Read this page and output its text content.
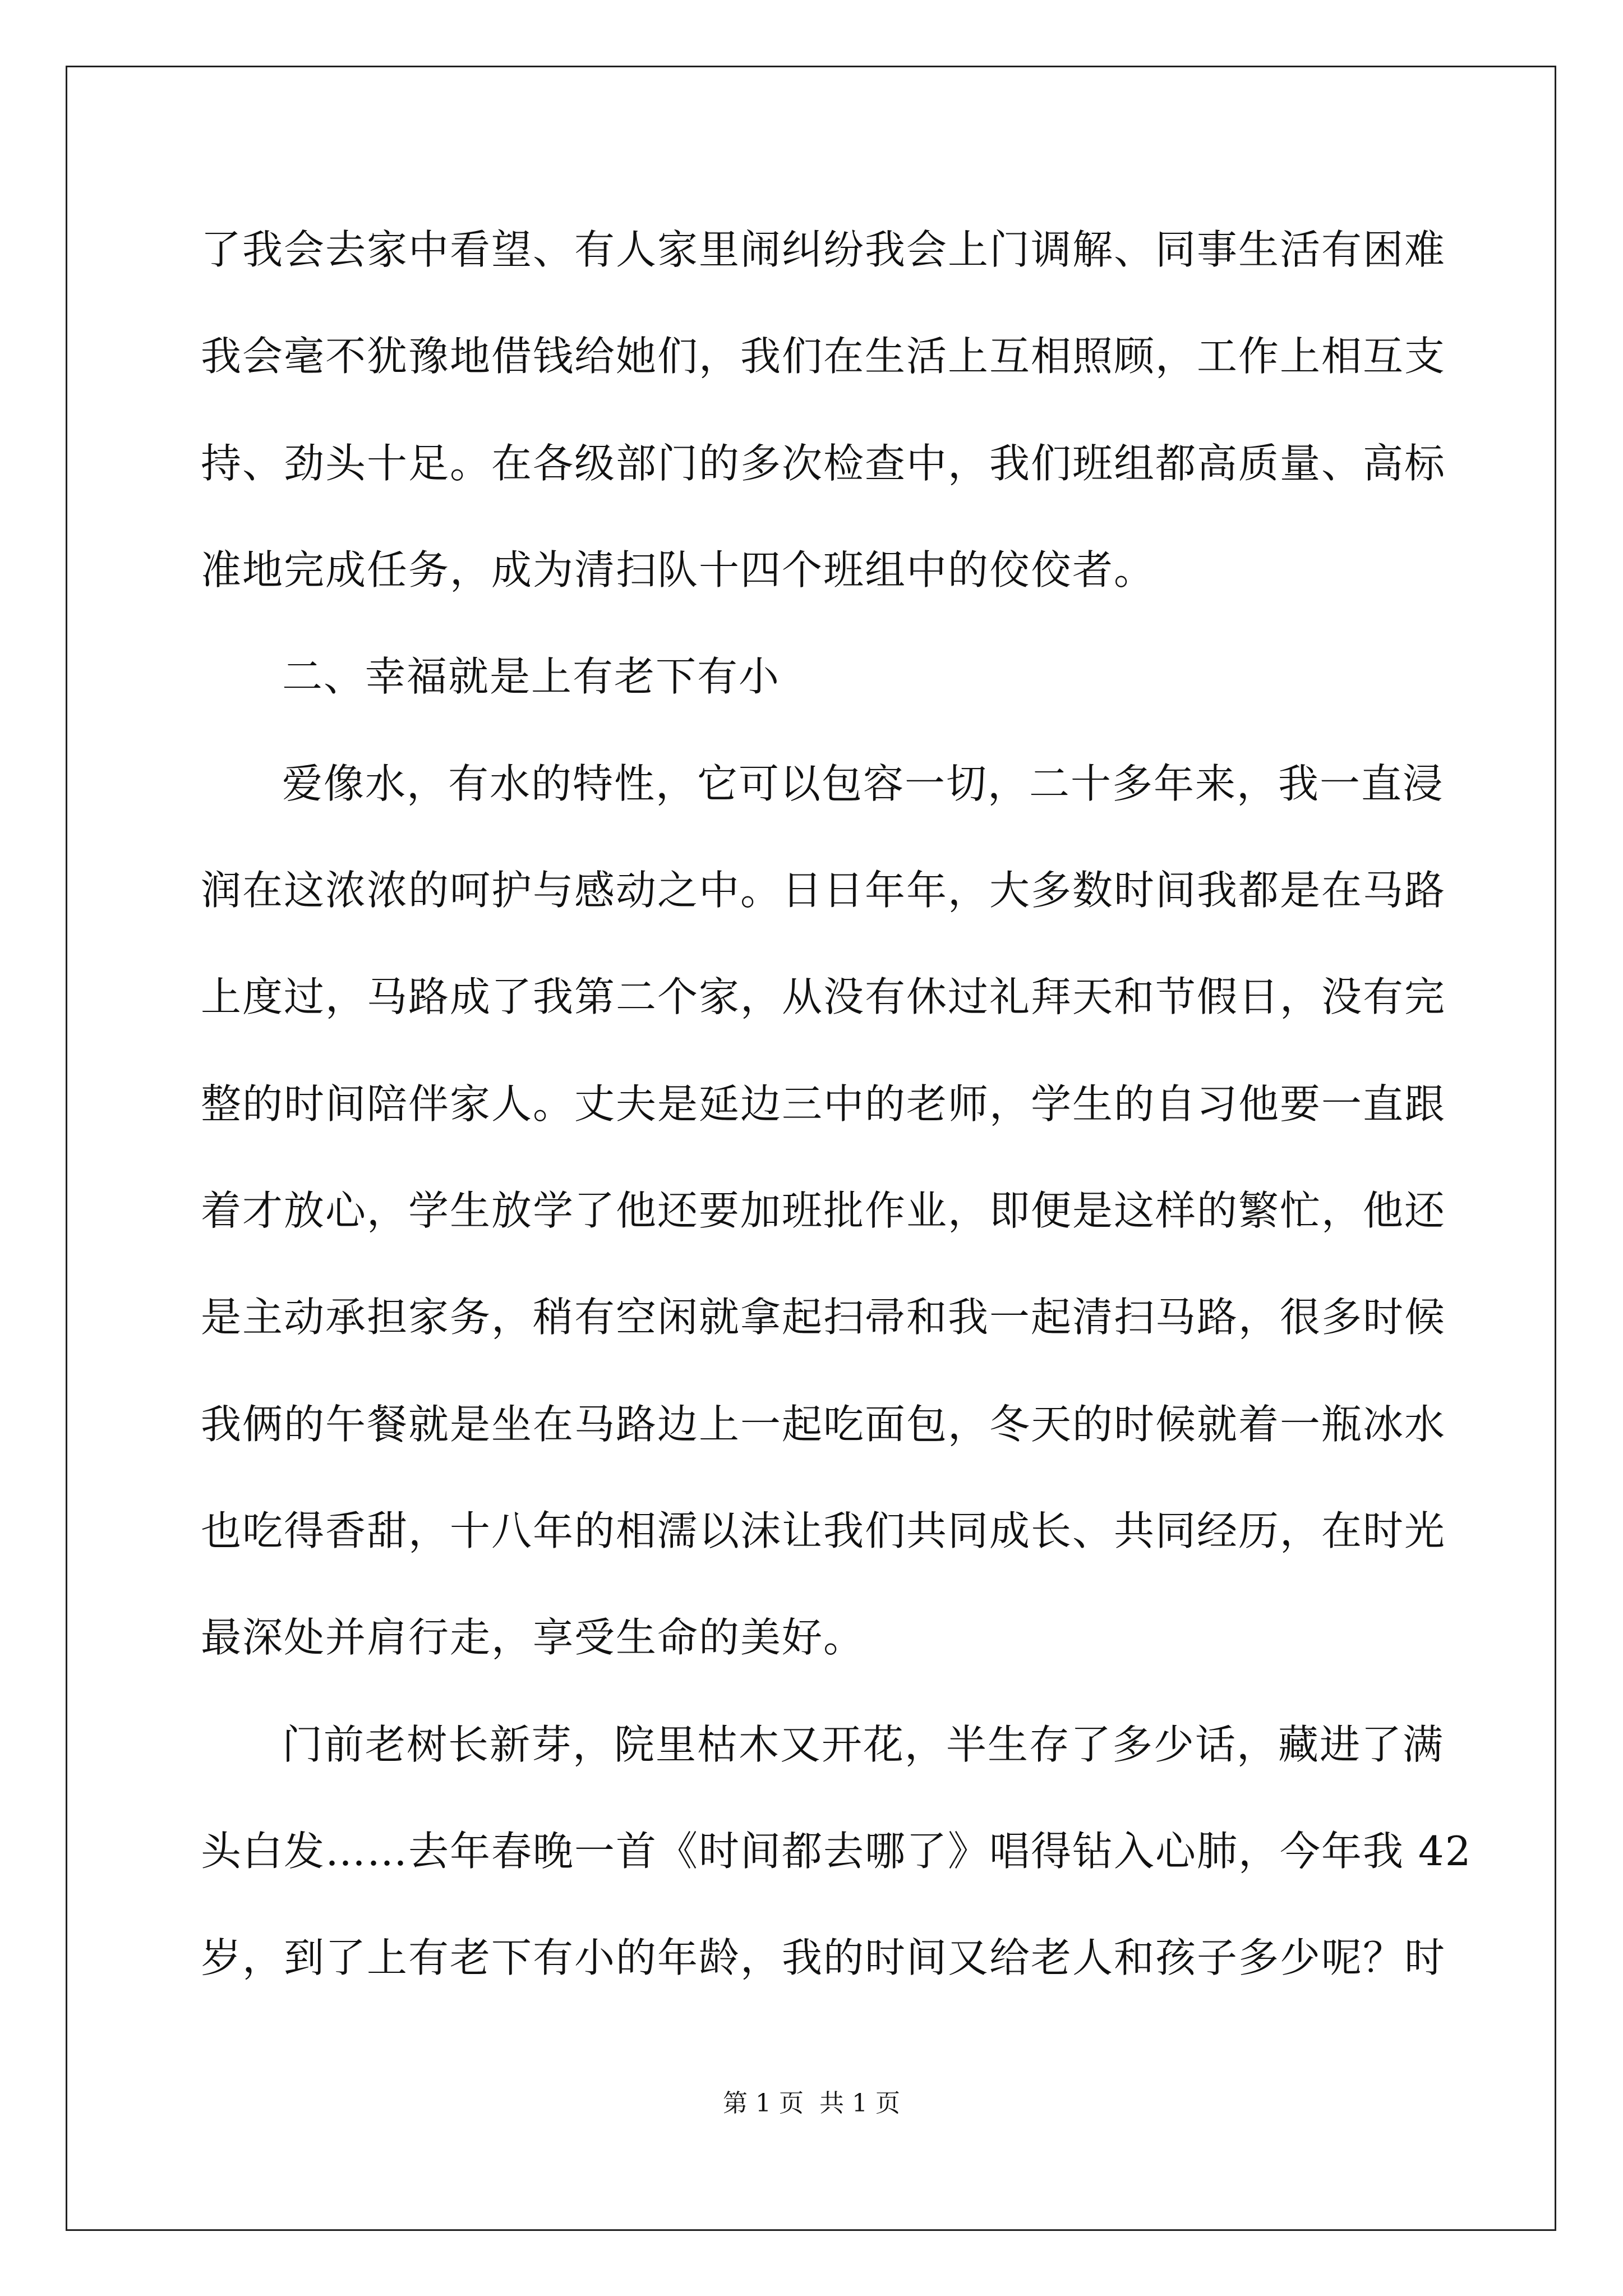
了我会去家中看望、有人家里闹纠纷我会上门调解、同事生活有困难
我会毫不犹豫地借钱给她们，我们在生活上互相照顾，工作上相互支
持、劲头十足。在各级部门的多次检查中，我们班组都高质量、高标
准地完成任务，成为清扫队十四个班组中的佼佼者。
二、幸福就是上有老下有小
爱像水，有水的特性，它可以包容一切，二十多年来，我一直浸
润在这浓浓的呵护与感动之中。日日年年，大多数时间我都是在马路
上度过，马路成了我第二个家，从没有休过礼拜天和节假日，没有完
整的时间陪伴家人。丈夫是延边三中的老师，学生的自习他要一直跟
着才放心，学生放学了他还要加班批作业，即便是这样的繁忙，他还
是主动承担家务，稍有空闲就拿起扫帚和我一起清扫马路，很多时候
我俩的午餐就是坐在马路边上一起吃面包，冬天的时候就着一瓶冰水
也吃得香甜，十八年的相濡以沫让我们共同成长、共同经历，在时光
最深处并肩行走，享受生命的美好。
门前老树长新芽，院里枯木又开花，半生存了多少话，藏进了满
头白发……去年春晚一首《时间都去哪了》唱得钻入心肺，今年我 42
岁，到了上有老下有小的年龄，我的时间又给老人和孩子多少呢？时
第 1 页 共 1 页
